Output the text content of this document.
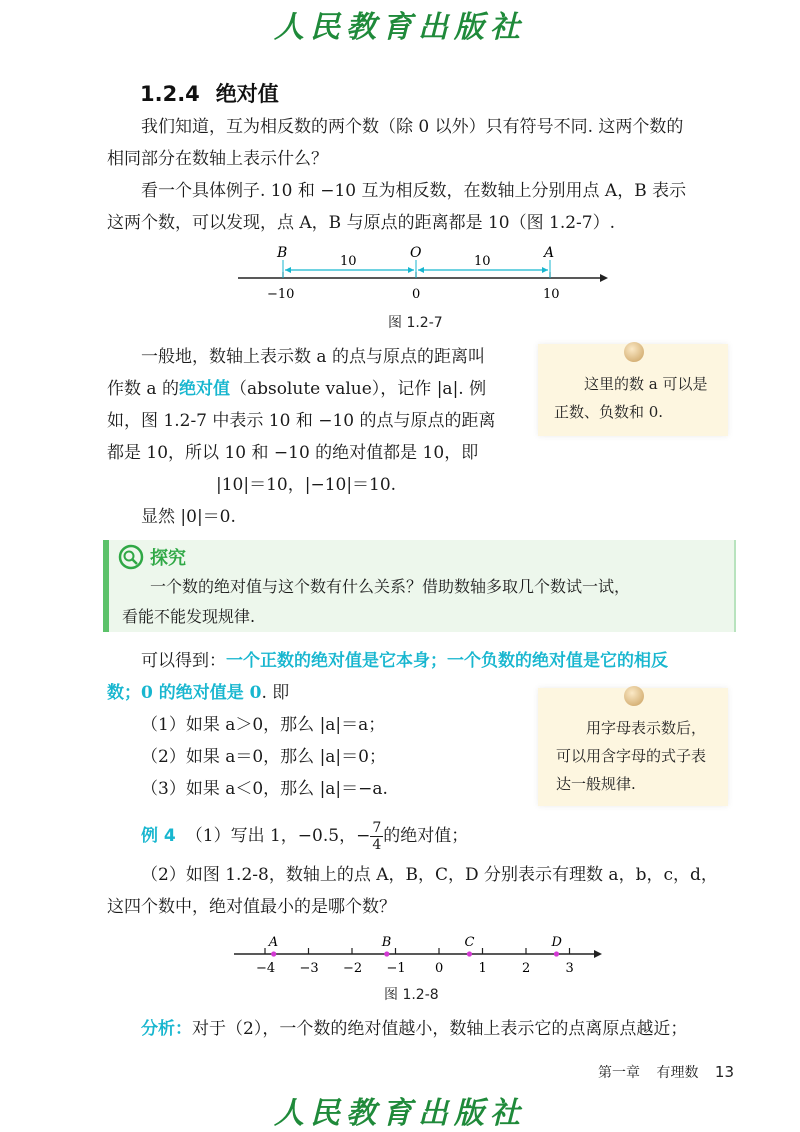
人民教育出版社
1.2.4 绝对值
我们知道，互为相反数的两个数（除 0 以外）只有符号不同. 这两个数的
相同部分在数轴上表示什么？
看一个具体例子. 10 和 −10 互为相反数，在数轴上分别用点 A，B 表示
这两个数，可以发现，点 A，B 与原点的距离都是 10（图 1.2-7）.
B	O	A
10	10
−10	0	10
图 1.2-7
一般地，数轴上表示数 a 的点与原点的距离叫
作数 a 的绝对值（absolute value），记作 |a|. 例
如，图 1.2-7 中表示 10 和 −10 的点与原点的距离
都是 10，所以 10 和 −10 的绝对值都是 10，即
|10|＝10，|−10|＝10.
显然 |0|＝0.
这里的数 a 可以是
正数、负数和 0.
探究
一个数的绝对值与这个数有什么关系？借助数轴多取几个数试一试，
看能不能发现规律.
可以得到：一个正数的绝对值是它本身；一个负数的绝对值是它的相反
数；0 的绝对值是 0. 即
（1）如果 a＞0，那么 |a|＝a；
（2）如果 a＝0，那么 |a|＝0；
（3）如果 a＜0，那么 |a|＝−a.
用字母表示数后，
可以用含字母的式子表
达一般规律.
例 4 （1）写出 1，−0.5，− $\frac{7}{4}$ 的绝对值；
（2）如图 1.2-8，数轴上的点 A，B，C，D 分别表示有理数 a，b，c，d，
这四个数中，绝对值最小的是哪个数？
−4 −3 −2 −1 0	1	2	3
A	B	C	D
图 1.2-8
分析：对于（2），一个数的绝对值越小，数轴上表示它的点离原点越近；
第一章 有理数 13
人民教育出版社
